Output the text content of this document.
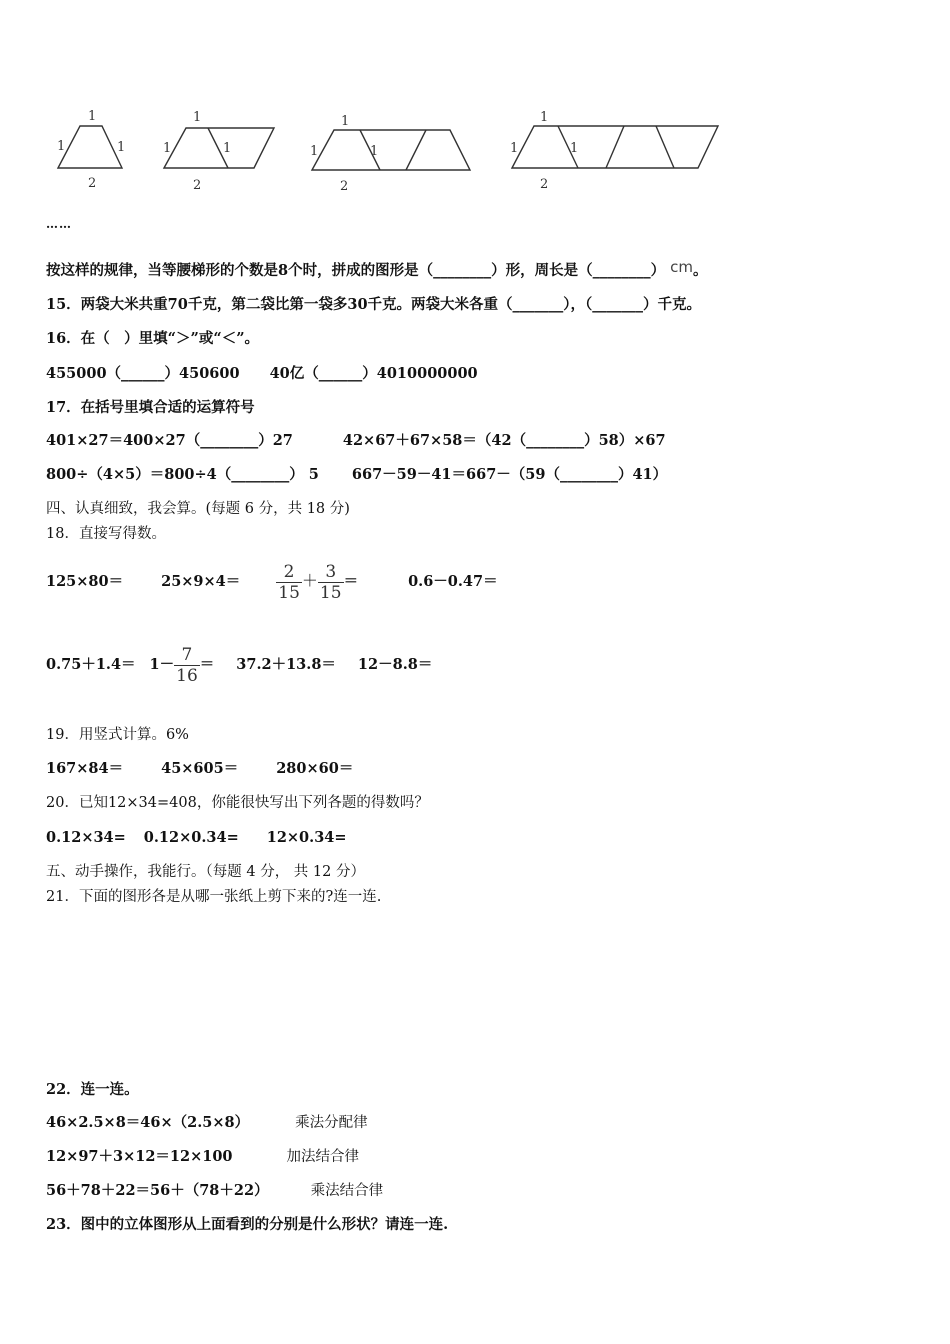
1
1	1
2
1
1	1
2
1
1	1
2
1
1	1
2
……
按这样的规律，当等腰梯形的个数是8个时，拼成的图形是（________）形，周长是（________） cm。
15．两袋大米共重70千克，第二袋比第一袋多30千克。两袋大米各重（_______），（_______）千克。
16．在（　）里填“＞”或“＜”。
455000（______）450600 40亿（______）4010000000
17．在括号里填合适的运算符号
401×27＝400×27（________）27	42×67＋67×58＝（42（________）58）×67
800÷（4×5）＝800÷4（________） 5 667－59－41＝667－（59（________）41）
四、认真细致，我会算。(每题 6 分，共 18 分)
18．直接写得数。
125×80＝	$25\times 9\times 4= \frac{2}{15} + \frac{3}{15}$ ＝	0.6－0.47＝
$0.75+1.4= 1- \frac{7}{16} = 37.2+13.8= 12-8.8=$
19．用竖式计算。6%
167×84＝	45×605＝	280×60＝
20．已知12×34=408，你能很快写出下列各题的得数吗？
0.12×34= 0.12×0.34= 12×0.34=
五、动手操作，我能行。（每题 4 分， 共 12 分）
21．下面的图形各是从哪一张纸上剪下来的?连一连.
22．连一连。
46×2.5×8＝46×（2.5×8）	乘法分配律
12×97＋3×12＝12×100	加法结合律
56＋78＋22＝56＋（78＋22）	乘法结合律
23．图中的立体图形从上面看到的分别是什么形状？请连一连.
